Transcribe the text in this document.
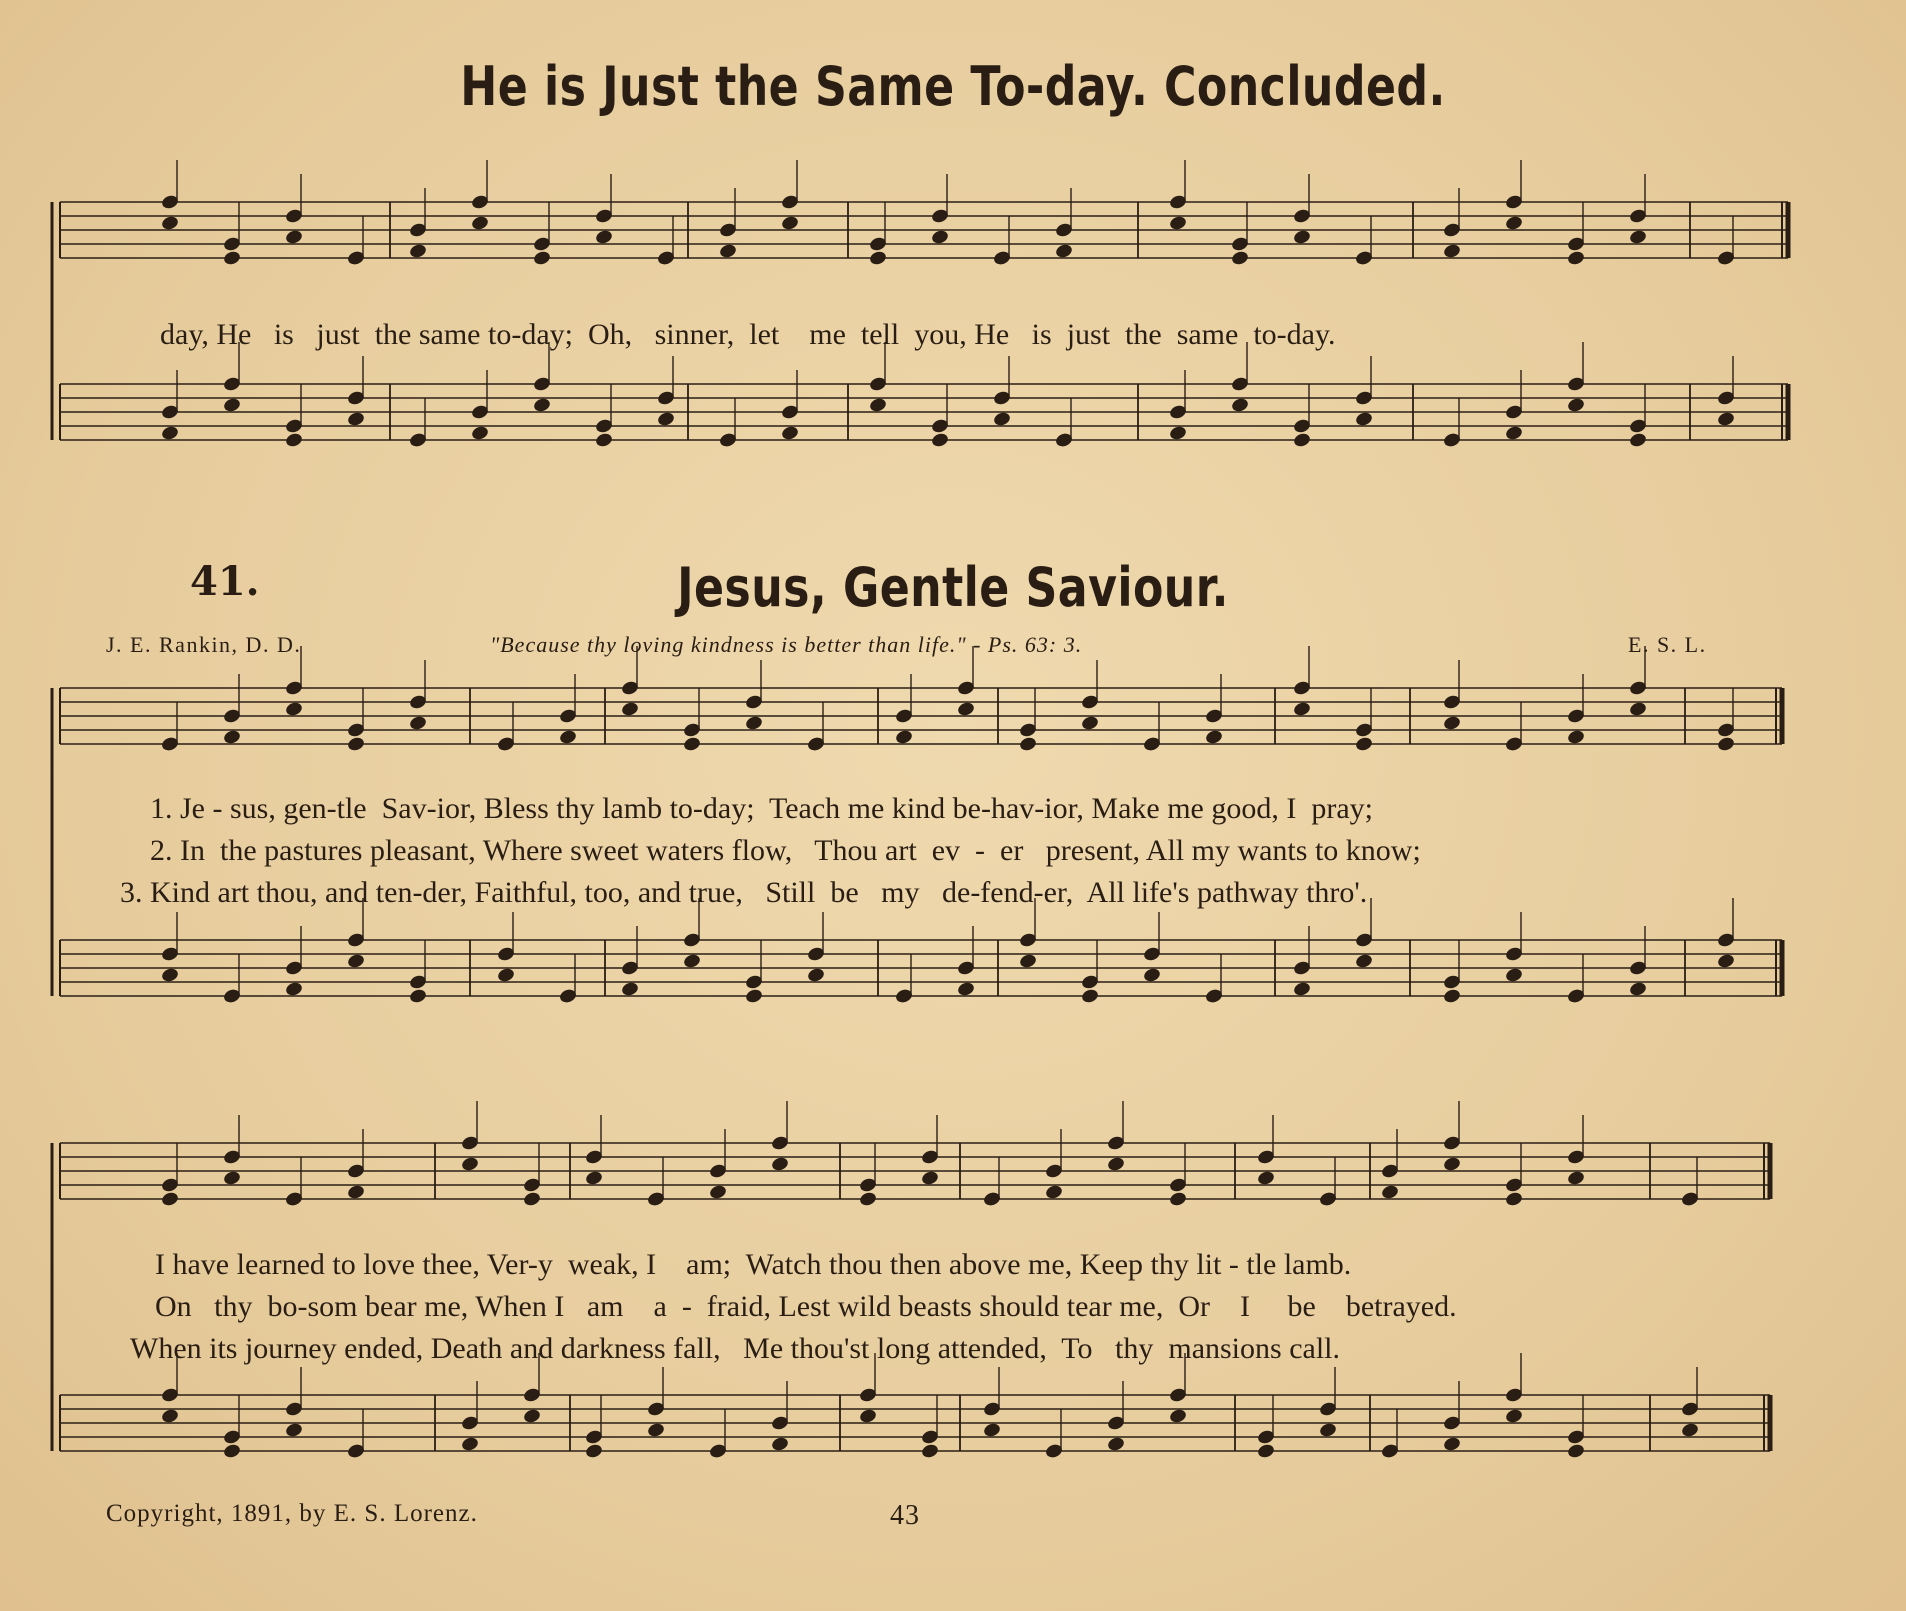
He is Just the Same To-day. Concluded.
day, He   is   just  the same to-day;  Oh,   sinner,  let    me  tell  you, He   is  just  the  same  to-day.
41.	Jesus, Gentle Saviour.
J. E. Rankin, D. D.	"Because thy loving kindness is better than life." - Ps. 63: 3.	E. S. L.
1. Je - sus, gen-tle  Sav-ior, Bless thy lamb to-day;  Teach me kind be-hav-ior, Make me good, I  pray;
2. In  the pastures pleasant, Where sweet waters flow,   Thou art  ev  -  er   present, All my wants to know;
3. Kind art thou, and ten-der, Faithful, too, and true,   Still  be   my   de-fend-er,  All life's pathway thro'.
I have learned to love thee, Ver-y  weak, I    am;  Watch thou then above me, Keep thy lit - tle lamb.
On   thy  bo-som bear me, When I   am    a  -  fraid, Lest wild beasts should tear me,  Or    I     be    betrayed.
When its journey ended, Death and darkness fall,   Me thou'st long attended,  To   thy  mansions call.
Copyright, 1891, by E. S. Lorenz.	43
